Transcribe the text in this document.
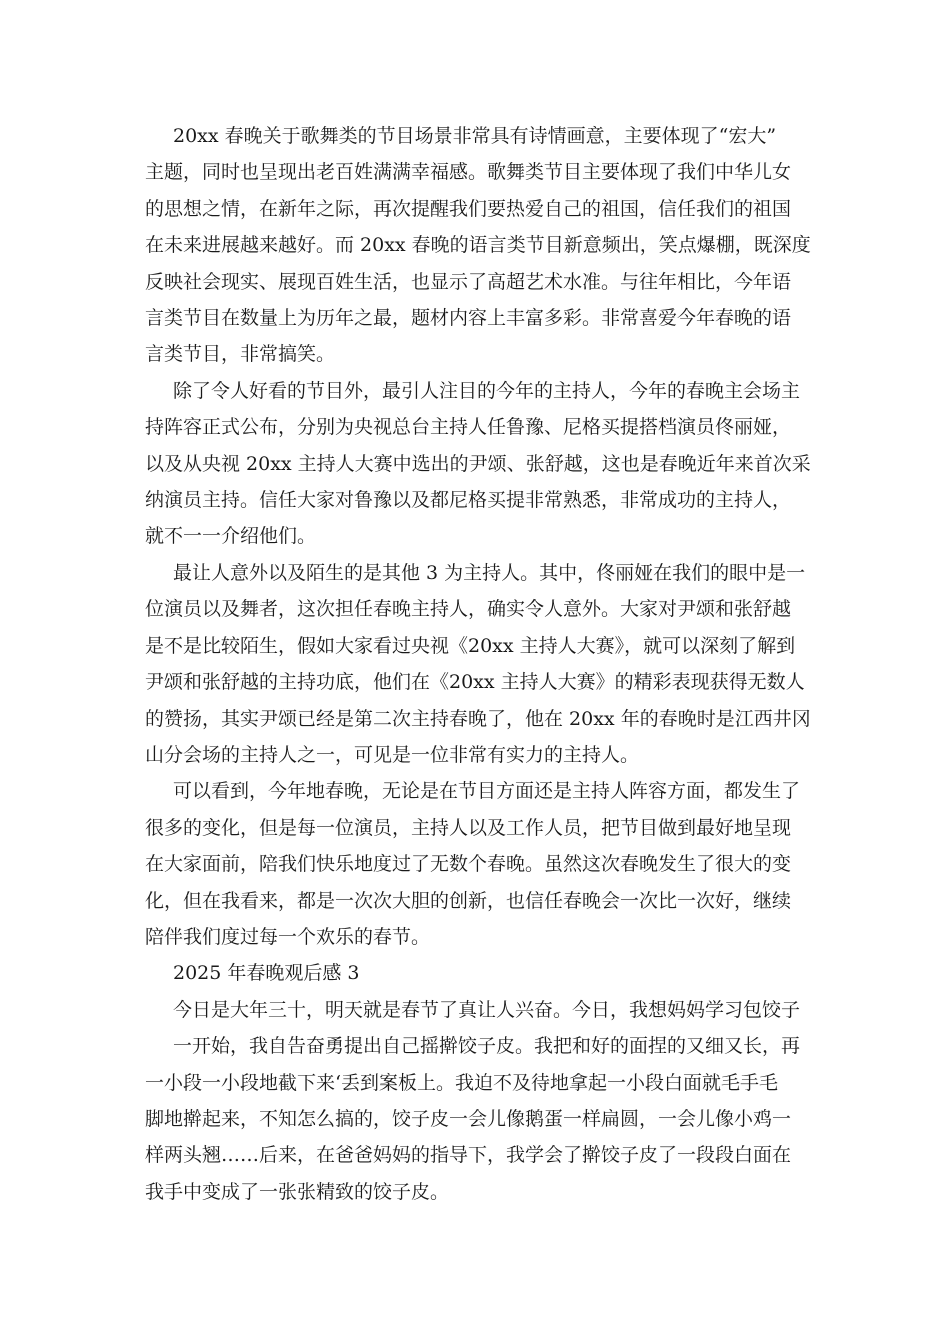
20xx 春晚关于歌舞类的节目场景非常具有诗情画意，主要体现了“宏大”
主题，同时也呈现出老百姓满满幸福感。歌舞类节目主要体现了我们中华儿女
的思想之情，在新年之际，再次提醒我们要热爱自己的祖国，信任我们的祖国
在未来进展越来越好。而 20xx 春晚的语言类节目新意频出，笑点爆棚，既深度
反映社会现实、展现百姓生活，也显示了高超艺术水准。与往年相比，今年语
言类节目在数量上为历年之最，题材内容上丰富多彩。非常喜爱今年春晚的语
言类节目，非常搞笑。
除了令人好看的节目外，最引人注目的今年的主持人，今年的春晚主会场主
持阵容正式公布，分别为央视总台主持人任鲁豫、尼格买提搭档演员佟丽娅，
以及从央视 20xx 主持人大赛中选出的尹颂、张舒越，这也是春晚近年来首次采
纳演员主持。信任大家对鲁豫以及都尼格买提非常熟悉，非常成功的主持人，
就不一一介绍他们。
最让人意外以及陌生的是其他 3 为主持人。其中，佟丽娅在我们的眼中是一
位演员以及舞者，这次担任春晚主持人，确实令人意外。大家对尹颂和张舒越
是不是比较陌生，假如大家看过央视《20xx 主持人大赛》，就可以深刻了解到
尹颂和张舒越的主持功底，他们在《20xx 主持人大赛》的精彩表现获得无数人
的赞扬，其实尹颂已经是第二次主持春晚了，他在 20xx 年的春晚时是江西井冈
山分会场的主持人之一，可见是一位非常有实力的主持人。
可以看到，今年地春晚，无论是在节目方面还是主持人阵容方面，都发生了
很多的变化，但是每一位演员，主持人以及工作人员，把节目做到最好地呈现
在大家面前，陪我们快乐地度过了无数个春晚。虽然这次春晚发生了很大的变
化，但在我看来，都是一次次大胆的创新，也信任春晚会一次比一次好，继续
陪伴我们度过每一个欢乐的春节。
2025 年春晚观后感 3
今日是大年三十，明天就是春节了真让人兴奋。今日，我想妈妈学习包饺子
一开始，我自告奋勇提出自己摇擀饺子皮。我把和好的面捏的又细又长，再
一小段一小段地截下来‘丢到案板上。我迫不及待地拿起一小段白面就毛手毛
脚地擀起来，不知怎么搞的，饺子皮一会儿像鹅蛋一样扁圆，一会儿像小鸡一
样两头翘……后来，在爸爸妈妈的指导下，我学会了擀饺子皮了一段段白面在
我手中变成了一张张精致的饺子皮。
